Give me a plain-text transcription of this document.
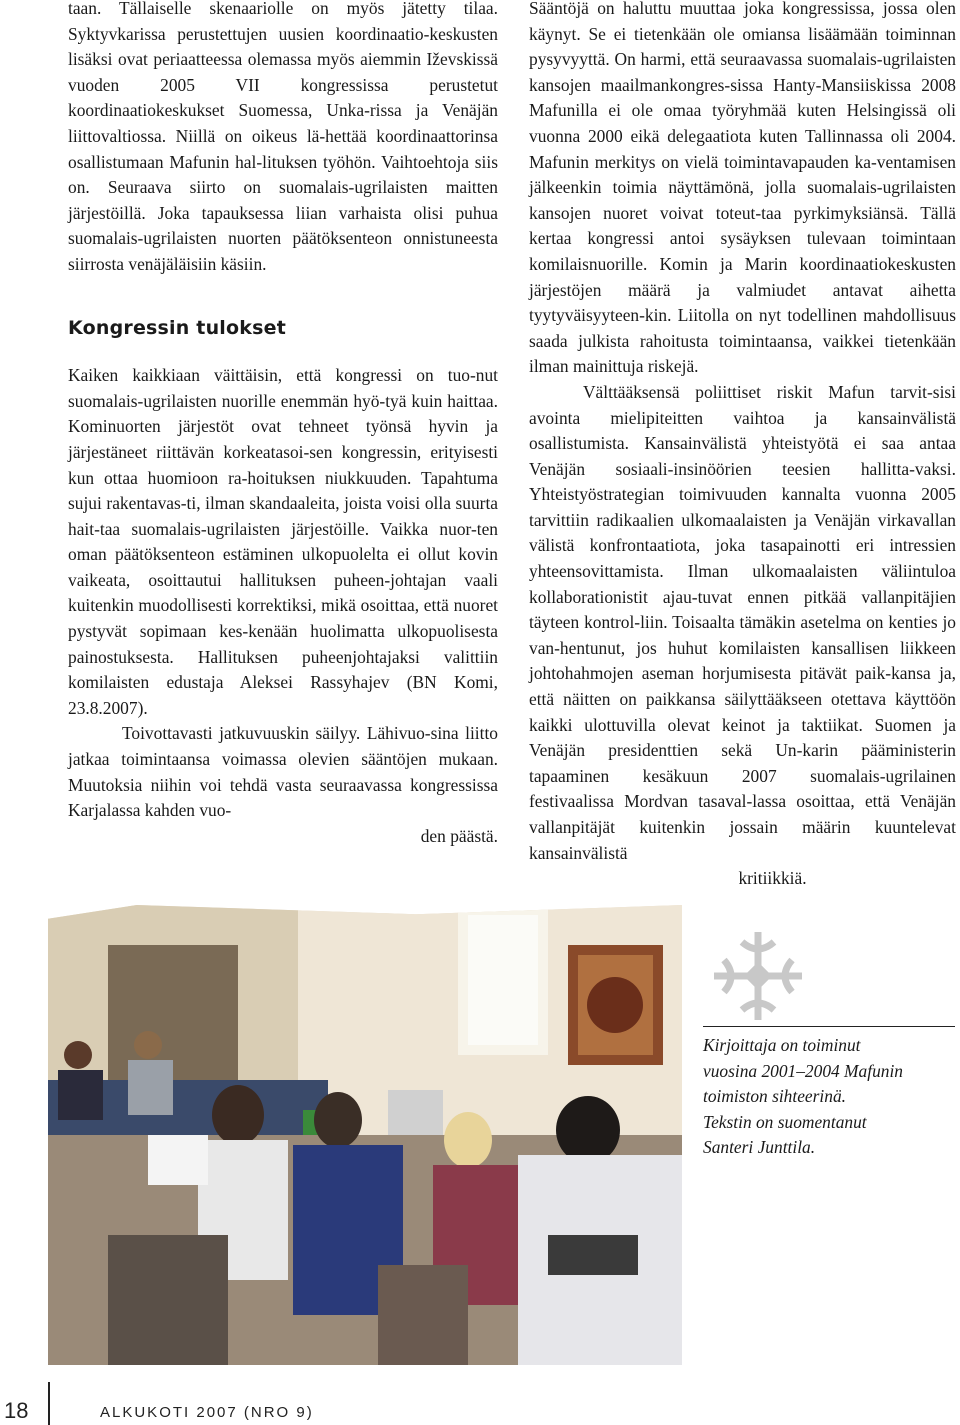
taan. Tällaiselle skenaariolle on myös jätetty tilaa. Syktyvkarissa perustettujen uusien koordinaatio-keskusten lisäksi ovat periaatteessa olemassa myös aiemmin Iževskissä vuoden 2005 VII kongressissa perustetut koordinaatiokeskukset Suomessa, Unka-rissa ja Venäjän liittovaltiossa. Niillä on oikeus lä-hettää koordinaattorinsa osallistumaan Mafunin hal-lituksen työhön. Vaihtoehtoja siis on. Seuraava siirto on suomalais-ugrilaisten maitten järjestöillä. Joka tapauksessa liian varhaista olisi puhua suomalais-ugrilaisten nuorten päätöksenteon onnistuneesta siirrosta venäjäläisiin käsiin.

Kongressin tulokset

Kaiken kaikkiaan väittäisin, että kongressi on tuo-nut suomalais-ugrilaisten nuorille enemmän hyö-tyä kuin haittaa. Kominuorten järjestöt ovat tehneet työnsä hyvin ja järjestäneet riittävän korkeatasoi-sen kongressin, erityisesti kun ottaa huomioon ra-hoituksen niukkuuden. Tapahtuma sujui rakentavas-ti, ilman skandaaleita, joista voisi olla suurta hait-taa suomalais-ugrilaisten järjestöille. Vaikka nuor-ten oman päätöksenteon estäminen ulkopuolelta ei ollut kovin vaikeata, osoittautui hallituksen puheen-johtajan vaali kuitenkin muodollisesti korrektiksi, mikä osoittaa, että nuoret pystyvät sopimaan kes-kenään huolimatta ulkopuolisesta painostuksesta. Hallituksen puheenjohtajaksi valittiin komilaisten edustaja Aleksei Rassyhajev (BN Komi, 23.8.2007).

Toivottavasti jatkuvuuskin säilyy. Lähivuo-sina liitto jatkaa toimintaansa voimassa olevien sääntöjen mukaan. Muutoksia niihin voi tehdä vasta seuraavassa kongressissa Karjalassa kahden vuo-

den päästä.

Sääntöjä on haluttu muuttaa joka kongressissa, jossa olen käynyt. Se ei tietenkään ole omiansa lisäämään toiminnan pysyvyyttä. On harmi, että seuraavassa suomalais-ugrilaisten kansojen maailmankongres-sissa Hanty-Mansiiskissa 2008 Mafunilla ei ole omaa työryhmää kuten Helsingissä oli vuonna 2000 eikä delegaatiota kuten Tallinnassa oli 2004. Mafunin merkitys on vielä toimintavapauden ka-ventamisen jälkeenkin toimia näyttämönä, jolla suomalais-ugrilaisten kansojen nuoret voivat toteut-taa pyrkimyksiänsä. Tällä kertaa kongressi antoi sysäyksen tulevaan toimintaan komilaisnuorille. Komin ja Marin koordinaatiokeskusten järjestöjen määrä ja valmiudet antavat aihetta tyytyväisyyteen-kin. Liitolla on nyt todellinen mahdollisuus saada julkista rahoitusta toimintaansa, vaikkei tietenkään ilman mainittuja riskejä.

Välttääksensä poliittiset riskit Mafun tarvit-sisi avointa mielipiteitten vaihtoa ja kansainvälistä osallistumista. Kansainvälistä yhteistyötä ei saa antaa Venäjän sosiaali-insinöörien teesien hallitta-vaksi. Yhteistyöstrategian toimivuuden kannalta vuonna 2005 tarvittiin radikaalien ulkomaalaisten ja Venäjän virkavallan välistä konfrontaatiota, joka tasapainotti eri intressien yhteensovittamista. Ilman ulkomaalaisten väliintuloa kollaborationistit ajau-tuvat ennen pitkää vallanpitäjien täyteen kontrol-liin. Toisaalta tämäkin asetelma on kenties jo van-hentunut, jos huhut komilaisten kansallisen liikkeen johtohahmojen aseman horjumisesta pitävät paik-kansa ja, että näitten on paikkansa säilyttääkseen otettava käyttöön kaikki ulottuvilla olevat keinot ja taktiikat. Suomen ja Venäjän presidenttien sekä Un-karin pääministerin tapaaminen kesäkuun 2007 suomalais-ugrilainen festivaalissa Mordvan tasaval-lassa osoittaa, että Venäjän vallanpitäjät kuitenkin jossain määrin kuuntelevat kansainvälistä

kritiikkiä.

Kirjoittaja on toiminut
vuosina 2001–2004 Mafunin
toimiston sihteerinä.
Tekstin on suomentanut
Santeri Junttila.
18	ALKUKOTI 2007 (NRO 9)
